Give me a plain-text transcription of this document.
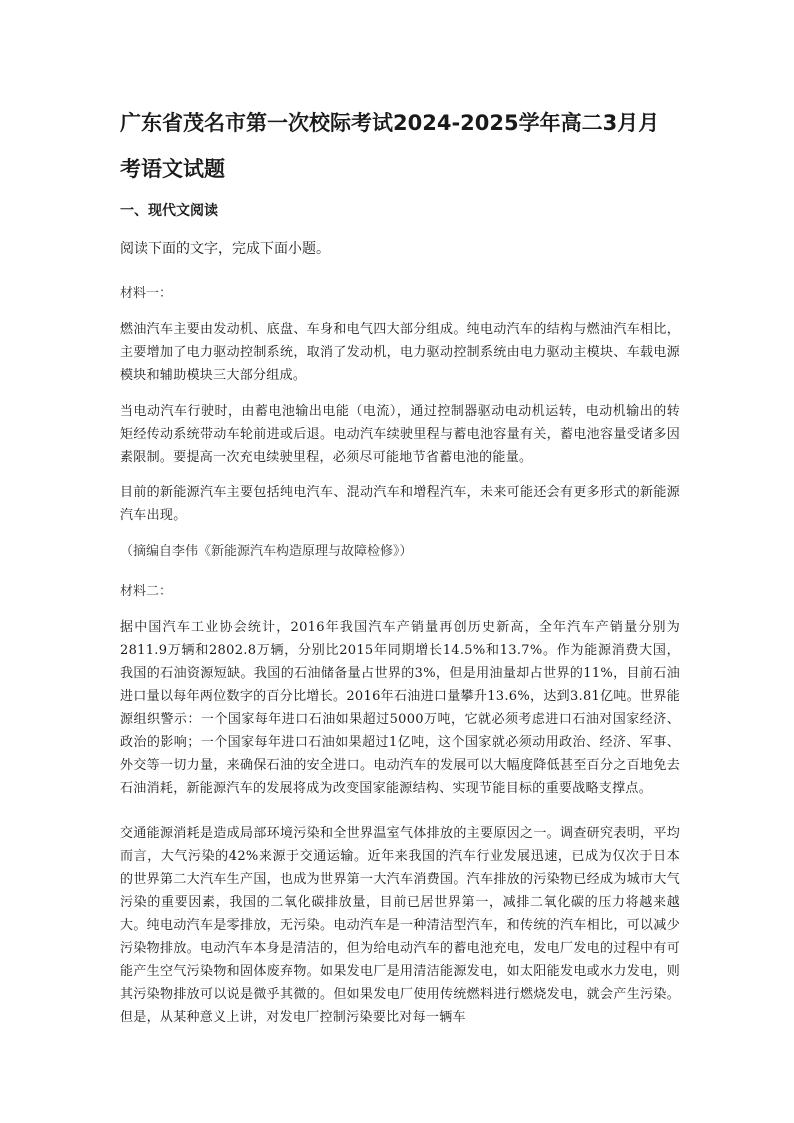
广东省茂名市第一次校际考试2024-2025学年高二3月月考语文试题
一、现代文阅读

阅读下面的文字，完成下面小题。

材料一：

燃油汽车主要由发动机、底盘、车身和电气四大部分组成。纯电动汽车的结构与燃油汽车相比，主要增加了电力驱动控制系统，取消了发动机，电力驱动控制系统由电力驱动主模块、车载电源模块和辅助模块三大部分组成。

当电动汽车行驶时，由蓄电池输出电能（电流），通过控制器驱动电动机运转，电动机输出的转矩经传动系统带动车轮前进或后退。电动汽车续驶里程与蓄电池容量有关，蓄电池容量受诸多因素限制。要提高一次充电续驶里程，必须尽可能地节省蓄电池的能量。

目前的新能源汽车主要包括纯电汽车、混动汽车和增程汽车，未来可能还会有更多形式的新能源汽车出现。

（摘编自李伟《新能源汽车构造原理与故障检修》）

材料二：

据中国汽车工业协会统计，2016年我国汽车产销量再创历史新高，全年汽车产销量分别为2811.9万辆和2802.8万辆，分别比2015年同期增长14.5%和13.7%。作为能源消费大国，我国的石油资源短缺。我国的石油储备量占世界的3%，但是用油量却占世界的11%，目前石油进口量以每年两位数字的百分比增长。2016年石油进口量攀升13.6%，达到3.81亿吨。世界能源组织警示：一个国家每年进口石油如果超过5000万吨，它就必须考虑进口石油对国家经济、政治的影响；一个国家每年进口石油如果超过1亿吨，这个国家就必须动用政治、经济、军事、外交等一切力量，来确保石油的安全进口。电动汽车的发展可以大幅度降低甚至百分之百地免去石油消耗，新能源汽车的发展将成为改变国家能源结构、实现节能目标的重要战略支撑点。

交通能源消耗是造成局部环境污染和全世界温室气体排放的主要原因之一。调查研究表明，平均而言，大气污染的42%来源于交通运输。近年来我国的汽车行业发展迅速，已成为仅次于日本的世界第二大汽车生产国，也成为世界第一大汽车消费国。汽车排放的污染物已经成为城市大气污染的重要因素，我国的二氧化碳排放量，目前已居世界第一，减排二氧化碳的压力将越来越大。纯电动汽车是零排放，无污染。电动汽车是一种清洁型汽车，和传统的汽车相比，可以减少污染物排放。电动汽车本身是清洁的，但为给电动汽车的蓄电池充电，发电厂发电的过程中有可能产生空气污染物和固体废弃物。如果发电厂是用清洁能源发电，如太阳能发电或水力发电，则其污染物排放可以说是微乎其微的。但如果发电厂使用传统燃料进行燃烧发电，就会产生污染。但是，从某种意义上讲，对发电厂控制污染要比对每一辆车
